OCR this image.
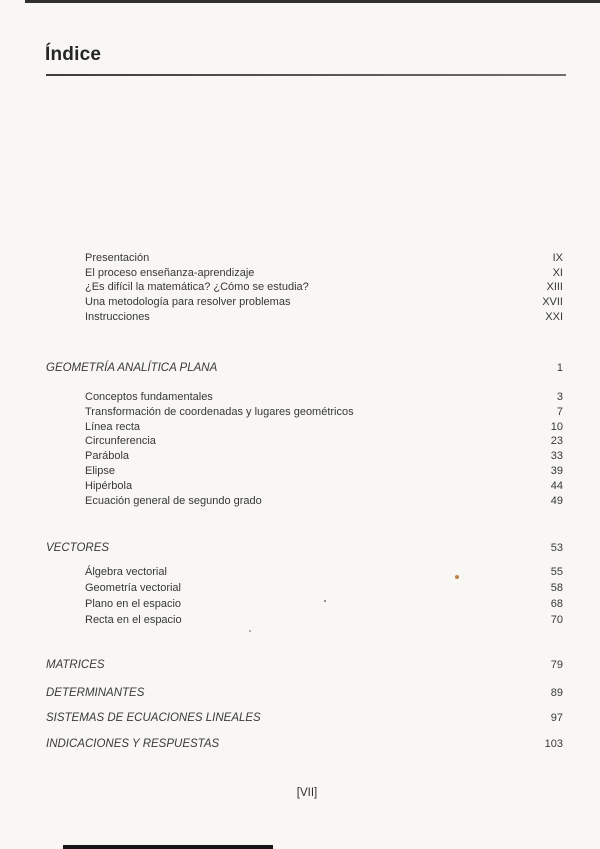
Índice
Presentación	IX
El proceso enseñanza-aprendizaje	XI
¿Es difícil la matemática? ¿Cómo se estudia?	XIII
Una metodología para resolver problemas	XVII
Instrucciones	XXI
GEOMETRÍA ANALÍTICA PLANA	1
Conceptos fundamentales	3
Transformación de coordenadas y lugares geométricos	7
Línea recta	10
Circunferencia	23
Parábola	33
Elipse	39
Hipérbola	44
Ecuación general de segundo grado	49
VECTORES	53
Álgebra vectorial	55
Geometría vectorial	58
Plano en el espacio	68
Recta en el espacio	70
MATRICES	79
DETERMINANTES	89
SISTEMAS DE ECUACIONES LINEALES	97
INDICACIONES Y RESPUESTAS	103
[VII]
